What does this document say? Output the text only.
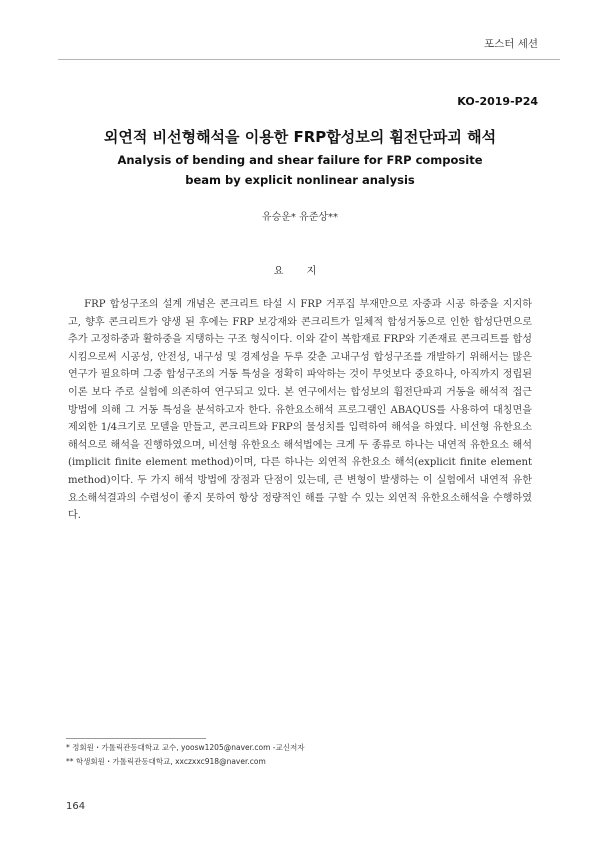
포스터 세션
KO-2019-P24
외연적 비선형해석을 이용한 FRP합성보의 휨전단파괴 해석
Analysis of bending and shear failure for FRP composite
beam by explicit nonlinear analysis
유승운* 유준상**
요 지

FRP 합성구조의 설계 개념은 콘크리트 타설 시 FRP 거푸집 부재만으로 자중과 시공 하중을 지지하고, 향후 콘크리트가 양생 된 후에는 FRP 보강재와 콘크리트가 일체적 합성거동으로 인한 합성단면으로 추가 고정하중과 활하중을 지탱하는 구조 형식이다. 이와 같이 복합재료 FRP와 기존재료 콘크리트를 합성시킴으로써 시공성, 안전성, 내구성 및 경제성을 두루 갖춘 고내구성 합성구조를 개발하기 위해서는 많은 연구가 필요하며 그중 합성구조의 거동 특성을 정확히 파악하는 것이 무엇보다 중요하나, 아직까지 정립된 이론 보다 주로 실험에 의존하여 연구되고 있다. 본 연구에서는 합성보의 휨전단파괴 거동을 해석적 접근방법에 의해 그 거동 특성을 분석하고자 한다. 유한요소해석 프로그램인 ABAQUS를 사용하여 대칭면을 제외한 1/4크기로 모델을 만들고, 콘크리트와 FRP의 물성치를 입력하여 해석을 하였다. 비선형 유한요소해석으로 해석을 진행하였으며, 비선형 유한요소 해석법에는 크게 두 종류로 하나는 내연적 유한요소 해석(implicit finite element method)이며, 다른 하나는 외연적 유한요소 해석(explicit finite element method)이다. 두 가지 해석 방법에 장점과 단점이 있는데, 큰 변형이 발생하는 이 실험에서 내연적 유한요소해석결과의 수렴성이 좋지 못하여 항상 정량적인 해를 구할 수 있는 외연적 유한요소해석을 수행하였다.

* 정회원・가톨릭관동대학교 교수, yoosw1205@naver.com -교신저자
** 학생회원・가톨릭관동대학교, xxczxxc918@naver.com
164
